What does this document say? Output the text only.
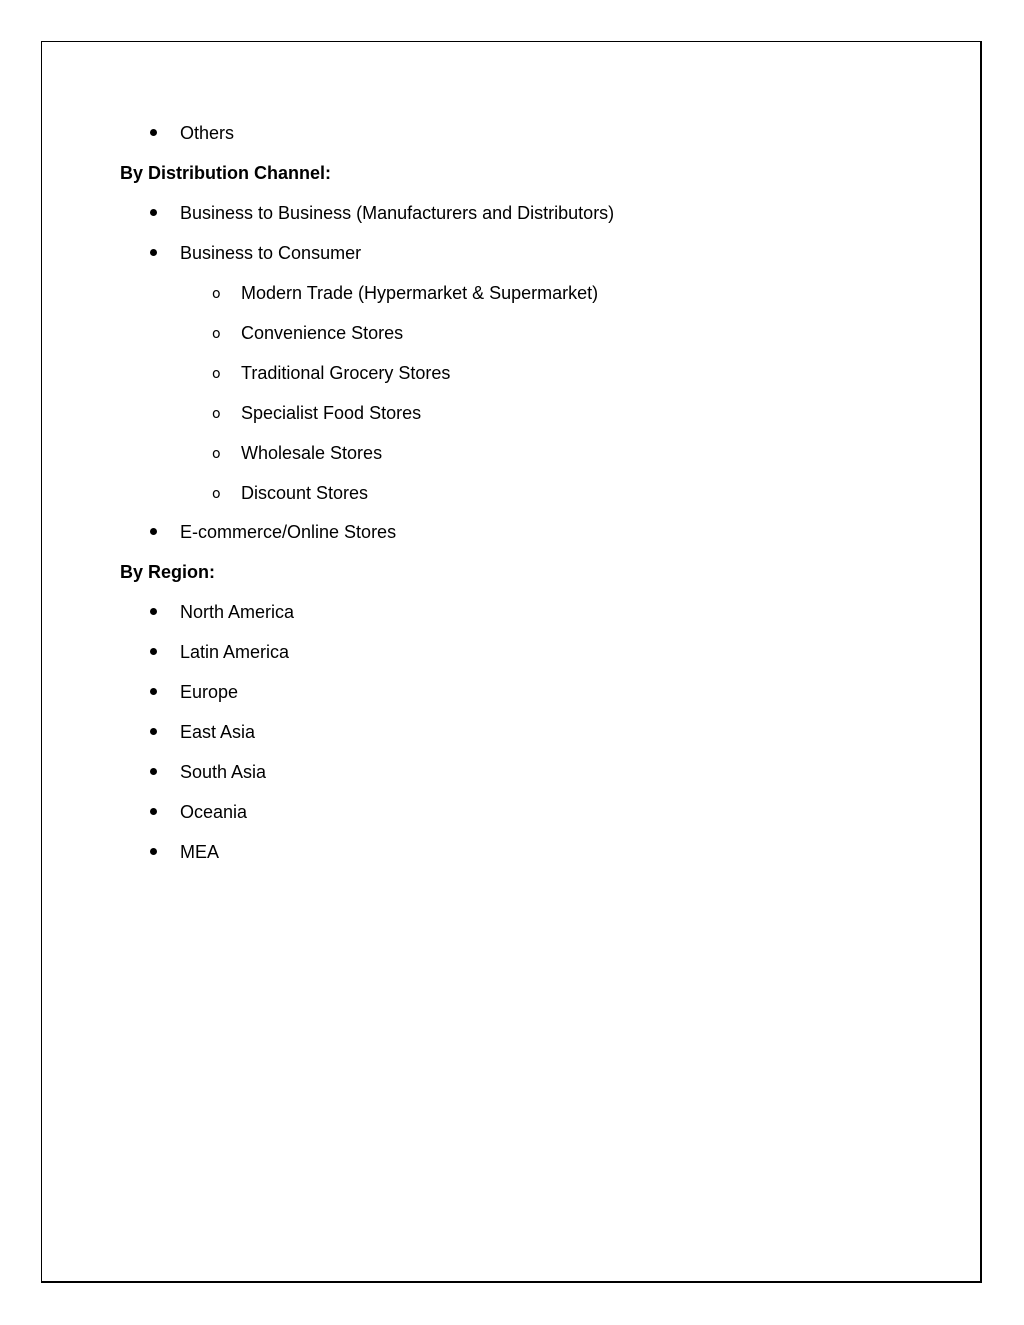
Others
By Distribution Channel:
Business to Business (Manufacturers and Distributors)
Business to Consumer
o Modern Trade (Hypermarket & Supermarket)
o Convenience Stores
o Traditional Grocery Stores
o Specialist Food Stores
o Wholesale Stores
o Discount Stores
E-commerce/Online Stores
By Region:
North America
Latin America
Europe
East Asia
South Asia
Oceania
MEA
